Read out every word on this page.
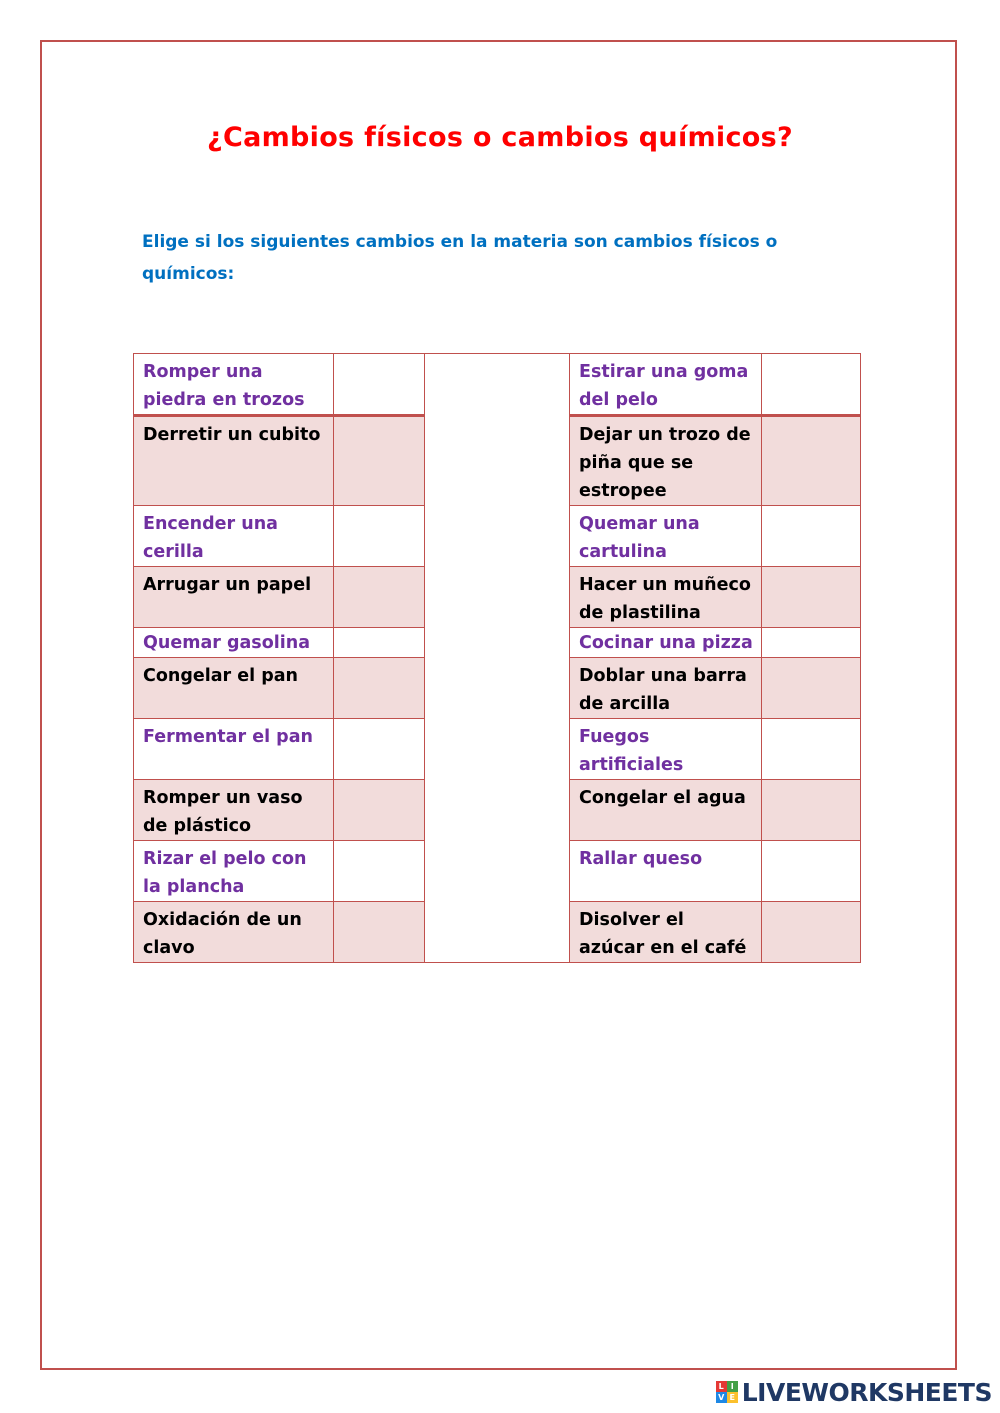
¿Cambios físicos o cambios químicos?
Elige si los siguientes cambios en la materia son cambios físicos o químicos:
Romper una piedra en trozos			Estirar una goma del pelo	
Derretir un cubito			Dejar un trozo de piña que se estropee	
Encender una cerilla			Quemar una cartulina	
Arrugar un papel			Hacer un muñeco de plastilina	
Quemar gasolina			Cocinar una pizza	
Congelar el pan			Doblar una barra de arcilla	
Fermentar el pan			Fuegos artificiales	
Romper un vaso de plástico			Congelar el agua	
Rizar el pelo con la plancha			Rallar queso	
Oxidación de un clavo			Disolver el azúcar en el café	
L I
V E LIVEWORKSHEETS
